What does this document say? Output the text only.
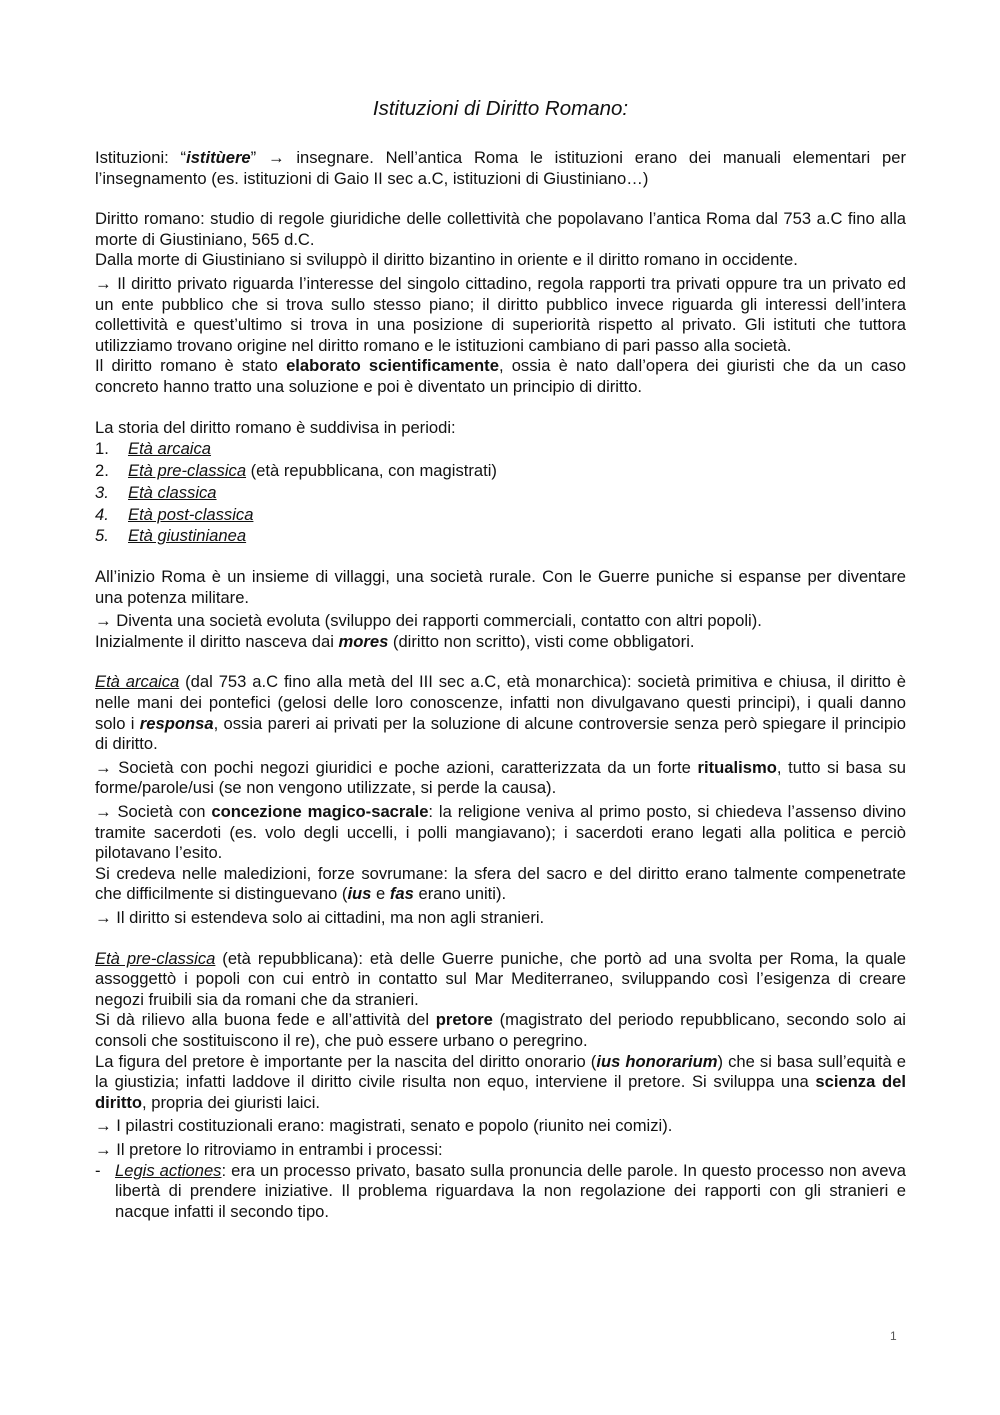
Istituzioni di Diritto Romano:

Istituzioni: “istitùere” → insegnare. Nell’antica Roma le istituzioni erano dei manuali elementari per l’insegnamento (es. istituzioni di Gaio II sec a.C, istituzioni di Giustiniano…)

Diritto romano: studio di regole giuridiche delle collettività che popolavano l’antica Roma dal 753 a.C fino alla morte di Giustiniano, 565 d.C.

Dalla morte di Giustiniano si sviluppò il diritto bizantino in oriente e il diritto romano in occidente.

→ Il diritto privato riguarda l’interesse del singolo cittadino, regola rapporti tra privati oppure tra un privato ed un ente pubblico che si trova sullo stesso piano; il diritto pubblico invece riguarda gli interessi dell’intera collettività e quest’ultimo si trova in una posizione di superiorità rispetto al privato. Gli istituti che tuttora utilizziamo trovano origine nel diritto romano e le istituzioni cambiano di pari passo alla società.

Il diritto romano è stato elaborato scientificamente, ossia è nato dall’opera dei giuristi che da un caso concreto hanno tratto una soluzione e poi è diventato un principio di diritto.

La storia del diritto romano è suddivisa in periodi:

1.	Età arcaica
2.	Età pre-classica (età repubblicana, con magistrati)
3.	Età classica
4.	Età post-classica
5.	Età giustinianea

All’inizio Roma è un insieme di villaggi, una società rurale. Con le Guerre puniche si espanse per diventare una potenza militare.

→ Diventa una società evoluta (sviluppo dei rapporti commerciali, contatto con altri popoli).

Inizialmente il diritto nasceva dai mores (diritto non scritto), visti come obbligatori.

Età arcaica (dal 753 a.C fino alla metà del III sec a.C, età monarchica): società primitiva e chiusa, il diritto è nelle mani dei pontefici (gelosi delle loro conoscenze, infatti non divulgavano questi principi), i quali danno solo i responsa, ossia pareri ai privati per la soluzione di alcune controversie senza però spiegare il principio di diritto.

→ Società con pochi negozi giuridici e poche azioni, caratterizzata da un forte ritualismo, tutto si basa su forme/parole/usi (se non vengono utilizzate, si perde la causa).

→ Società con concezione magico-sacrale: la religione veniva al primo posto, si chiedeva l’assenso divino tramite sacerdoti (es. volo degli uccelli, i polli mangiavano); i sacerdoti erano legati alla politica e perciò pilotavano l’esito.

Si credeva nelle maledizioni, forze sovrumane: la sfera del sacro e del diritto erano talmente compenetrate che difficilmente si distinguevano (ius e fas erano uniti).

→ Il diritto si estendeva solo ai cittadini, ma non agli stranieri.

Età pre-classica (età repubblicana): età delle Guerre puniche, che portò ad una svolta per Roma, la quale assoggettò i popoli con cui entrò in contatto sul Mar Mediterraneo, sviluppando così l’esigenza di creare negozi fruibili sia da romani che da stranieri.

Si dà rilievo alla buona fede e all’attività del pretore (magistrato del periodo repubblicano, secondo solo ai consoli che sostituiscono il re), che può essere urbano o peregrino.

La figura del pretore è importante per la nascita del diritto onorario (ius honorarium) che si basa sull’equità e la giustizia; infatti laddove il diritto civile risulta non equo, interviene il pretore. Si sviluppa una scienza del diritto, propria dei giuristi laici.

→ I pilastri costituzionali erano: magistrati, senato e popolo (riunito nei comizi).

→ Il pretore lo ritroviamo in entrambi i processi:

- Legis actiones: era un processo privato, basato sulla pronuncia delle parole. In questo processo non aveva libertà di prendere iniziative. Il problema riguardava la non regolazione dei rapporti con gli stranieri e nacque infatti il secondo tipo.
1
